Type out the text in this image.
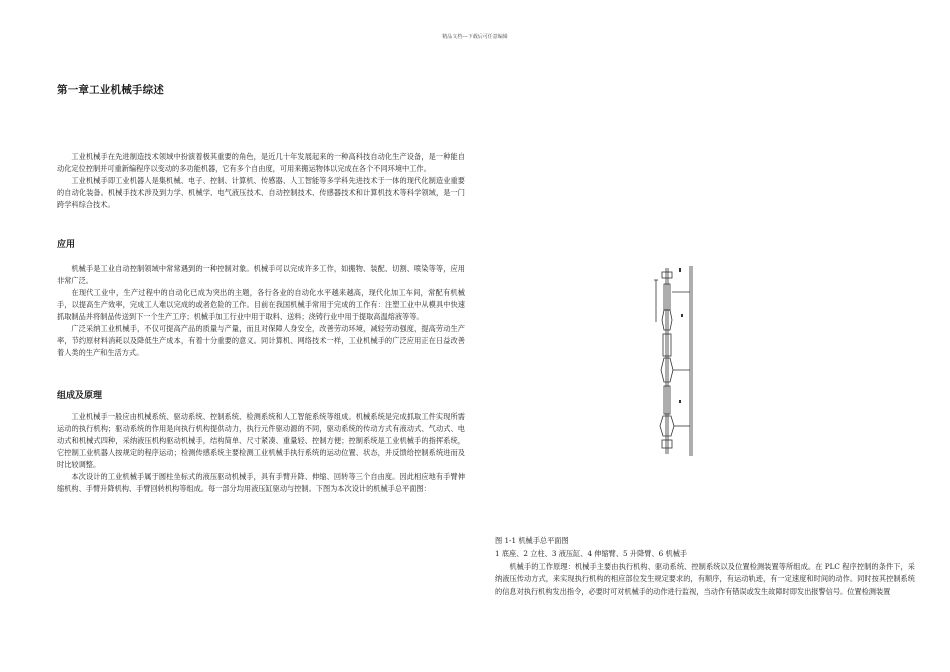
精品文档---下载后可任意编辑
第一章工业机械手综述

工业机械手在先进制造技术领域中扮演着极其重要的角色，是近几十年发展起来的一种高科技自动化生产设备，是一种能自动化定位控制并可重新编程序以变动的多功能机器，它有多个自由度，可用来搬运物体以完成在各个不同环境中工作。

工业机械手即工业机器人是集机械、电子、控制、计算机、传感器、人工智能等多学科先进技术于一体的现代化制造业重要的自动化装备。机械手技术涉及到力学、机械学、电气液压技术、自动控制技术、传感器技术和计算机技术等科学领域，是一门跨学科综合技术。

应用

机械手是工业自动控制领域中常常遇到的一种控制对象。机械手可以完成许多工作，如搬物、装配、切割、喷染等等，应用非常广泛。

在现代工业中，生产过程中的自动化已成为突出的主题，各行各业的自动化水平越来越高，现代化加工车间，常配有机械手，以提高生产效率，完成工人难以完成的或者危险的工作。目前在我国机械手常用于完成的工作有：注塑工业中从模具中快速抓取制品并将制品传送到下一个生产工序；机械手加工行业中用于取料、送料；浇铸行业中用于提取高温熔液等等。

广泛采纳工业机械手，不仅可提高产品的质量与产量，而且对保障人身安全，改善劳动环境，减轻劳动强度，提高劳动生产率，节约原材料消耗以及降低生产成本，有着十分重要的意义。同计算机、网络技术一样，工业机械手的广泛应用正在日益改善着人类的生产和生活方式。

组成及原理

工业机械手一般应由机械系统、驱动系统、控制系统、检测系统和人工智能系统等组成。机械系统是完成抓取工件实现所需运动的执行机构；驱动系统的作用是向执行机构提供动力，执行元件驱动源的不同，驱动系统的传动方式有液动式、气动式、电动式和机械式四种，采纳液压机构驱动机械手，结构简单、尺寸紧凑、重量轻、控制方便；控制系统是工业机械手的指挥系统，它控制工业机器人按规定的程序运动；检测传感系统主要检测工业机械手执行系统的运动位置、状态，并反馈给控制系统进而及时比较调整。

本次设计的工业机械手属于圆柱坐标式的液压驱动机械手，具有手臂升降、伸缩、回转等三个自由度。因此相应地有手臂伸缩机构、手臂升降机构、手臂回转机构等组成。每一部分均用液压缸驱动与控制。下图为本次设计的机械手总平面图：

图 1-1 机械手总平面图

1 底座、2 立柱、3 液压缸、4 伸缩臂、5 升降臂、6 机械手

机械手的工作原理：机械手主要由执行机构、驱动系统、控制系统以及位置检测装置等所组成。在 PLC 程序控制的条件下，采纳液压传动方式，来实现执行机构的相应部位发生规定要求的，有顺序，有运动轨迹，有一定速度和时间的动作。同时按其控制系统的信息对执行机构发出指令，必要时可对机械手的动作进行监视，当动作有错误或发生故障时即发出报警信号。位置检测装置
